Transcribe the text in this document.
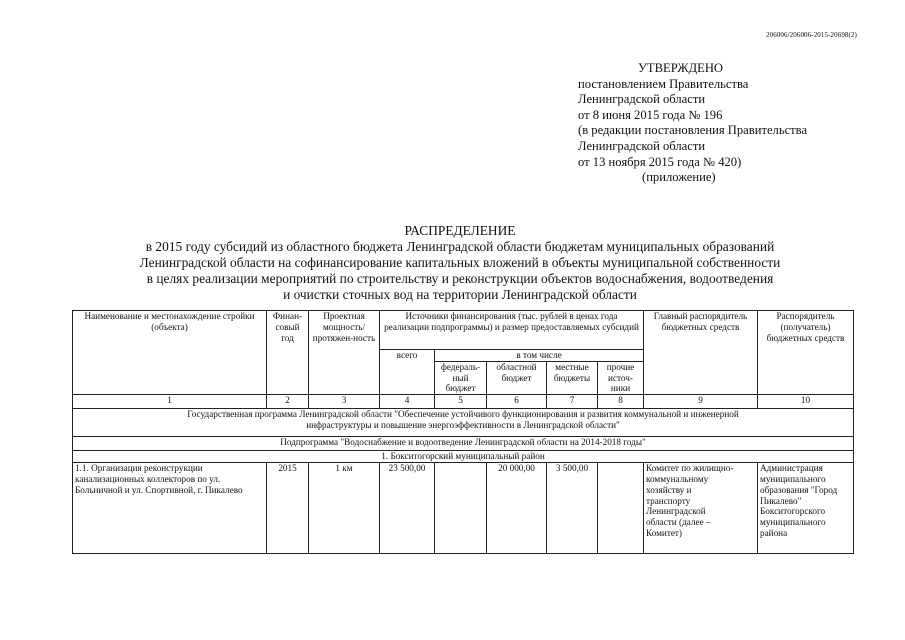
206006/206006-2015-20698(2)
УТВЕРЖДЕНО
постановлением Правительства
Ленинградской области
от 8 июня 2015 года № 196
(в редакции постановления Правительства
Ленинградской области
от 13 ноября 2015 года № 420)
(приложение)
РАСПРЕДЕЛЕНИЕ
в 2015 году субсидий из областного бюджета Ленинградской области бюджетам муниципальных образований
Ленинградской области на софинансирование капитальных вложений в объекты муниципальной собственности
в целях реализации мероприятий по строительству и реконструкции объектов водоснабжения, водоотведения
и очистки сточных вод на территории Ленинградской области
Наименование и местонахождение стройки (объекта)	Финан-совый год	Проектная мощность/ протяжен-ность	Источники финансирования (тыс. рублей в ценах года реализации подпрограммы) и размер предоставляемых субсидий					Главный распорядитель бюджетных средств	Распорядитель (получатель) бюджетных средств
			всего	в том числе					
				федераль-ный бюджет	областной бюджет	местные бюджеты	прочие источ-ники		
1	2	3	4	5	6	7	8	9	10
Государственная программа Ленинградской области "Обеспечение устойчивого функционирования и развития коммунальной и инженерной инфраструктуры и повышение энергоэффективности в Ленинградской области"									
Подпрограмма "Водоснабжение и водоотведение Ленинградской области на 2014-2018 годы"									
1. Бокситогорский муниципальный район									
1.1. Организация реконструкции канализационных коллекторов по ул. Больничной и ул. Спортивной, г. Пикалево	2015	1 км	23 500,00		20 000,00	3 500,00		Комитет по жилищно-коммунальному хозяйству и транспорту Ленинградской области (далее – Комитет)	Администрация муниципального образования "Город Пикалево" Бокситогорского муниципального района
